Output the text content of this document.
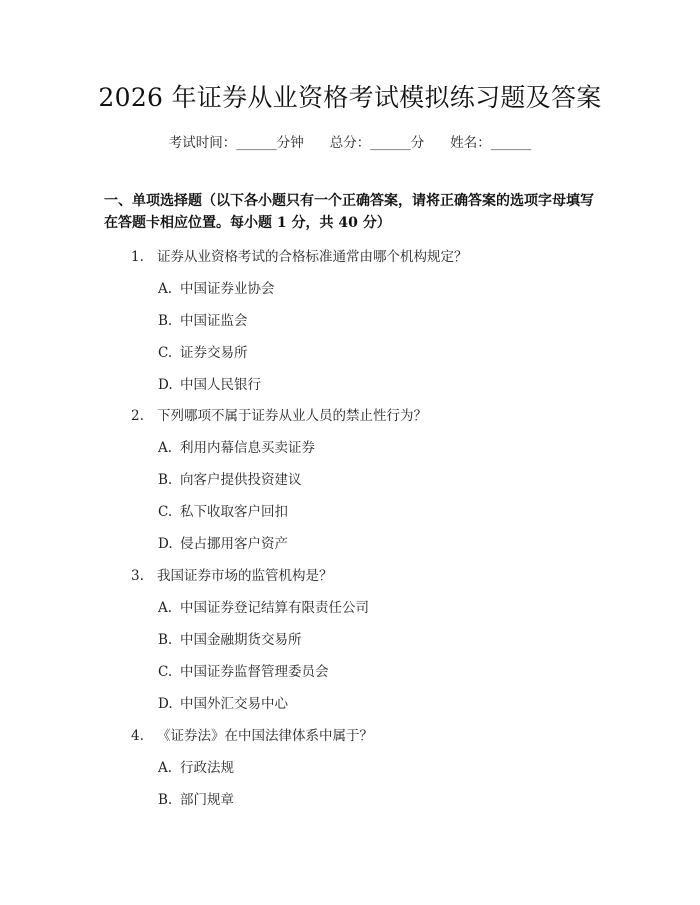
2026 年证券从业资格考试模拟练习题及答案
考试时间：______分钟 总分：______分 姓名：______
一、单项选择题（以下各小题只有一个正确答案，请将正确答案的选项字母填写在答题卡相应位置。每小题 1 分，共 40 分）
1. 证券从业资格考试的合格标准通常由哪个机构规定？
A. 中国证券业协会
B. 中国证监会
C. 证券交易所
D. 中国人民银行
2. 下列哪项不属于证券从业人员的禁止性行为？
A. 利用内幕信息买卖证券
B. 向客户提供投资建议
C. 私下收取客户回扣
D. 侵占挪用客户资产
3. 我国证券市场的监管机构是？
A. 中国证券登记结算有限责任公司
B. 中国金融期货交易所
C. 中国证券监督管理委员会
D. 中国外汇交易中心
4. 《证券法》在中国法律体系中属于？
A. 行政法规
B. 部门规章
